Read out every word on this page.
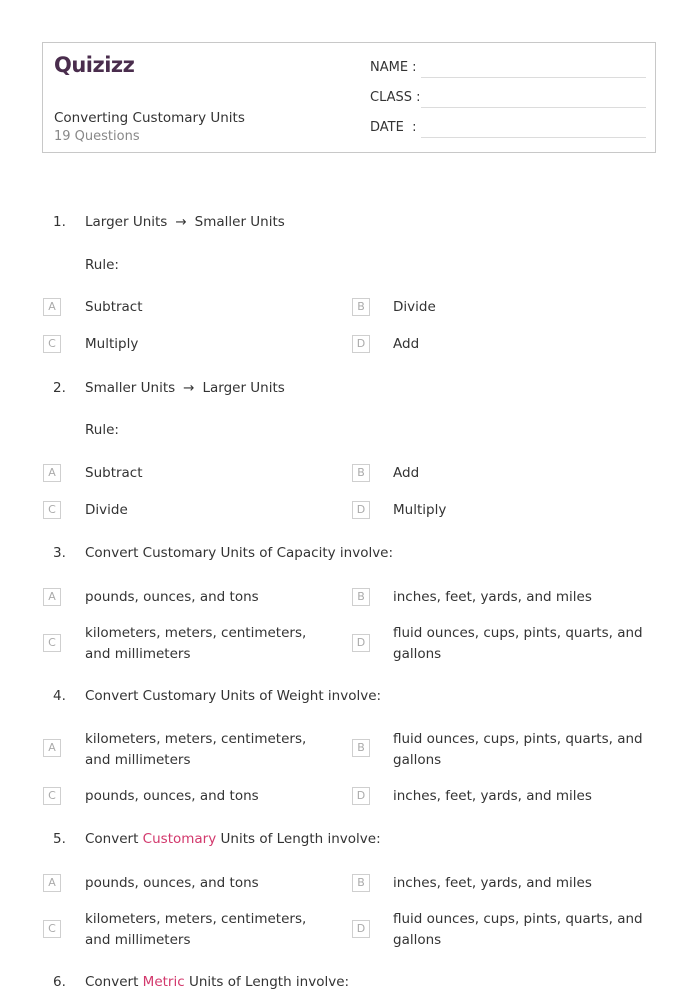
Quizizz
Converting Customary Units
19 Questions
NAME :
CLASS :
DATE  :
1. Larger Units → Smaller Units
Rule:
A	Subtract	B	Divide
C	Multiply	D	Add
2. Smaller Units → Larger Units
Rule:
A	Subtract	B	Add
C	Divide	D	Multiply
3. Convert Customary Units of Capacity involve:
A	pounds, ounces, and tons	B	inches, feet, yards, and miles
C
kilometers, meters, centimeters, and millimeters
D
fluid ounces, cups, pints, quarts, and gallons
4. Convert Customary Units of Weight involve:
A
kilometers, meters, centimeters, and millimeters
B
fluid ounces, cups, pints, quarts, and gallons
C	pounds, ounces, and tons	D	inches, feet, yards, and miles
5. Convert Customary Units of Length involve:
A	pounds, ounces, and tons	B	inches, feet, yards, and miles
C
kilometers, meters, centimeters, and millimeters
D
fluid ounces, cups, pints, quarts, and gallons
6. Convert Metric Units of Length involve:
